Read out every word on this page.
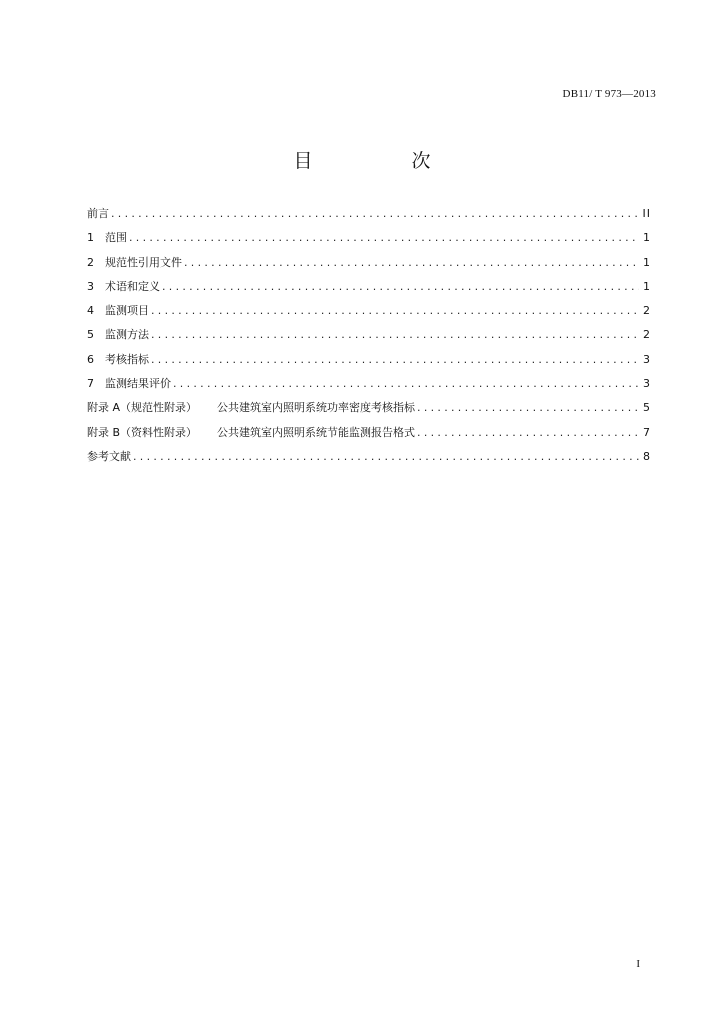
DB11/ T 973—2013
目　次
前言 .....	II
1	范围 .....	1
2	规范性引用文件 .....	1
3	术语和定义 .....	1
4	监测项目 .....	2
5	监测方法 .....	2
6	考核指标 .....	3
7	监测结果评价 .....	3
附录 A（规范性附录） 公共建筑室内照明系统功率密度考核指标 .....	5
附录 B（资料性附录） 公共建筑室内照明系统节能监测报告格式 .....	7
参考文献 .....	8
I
